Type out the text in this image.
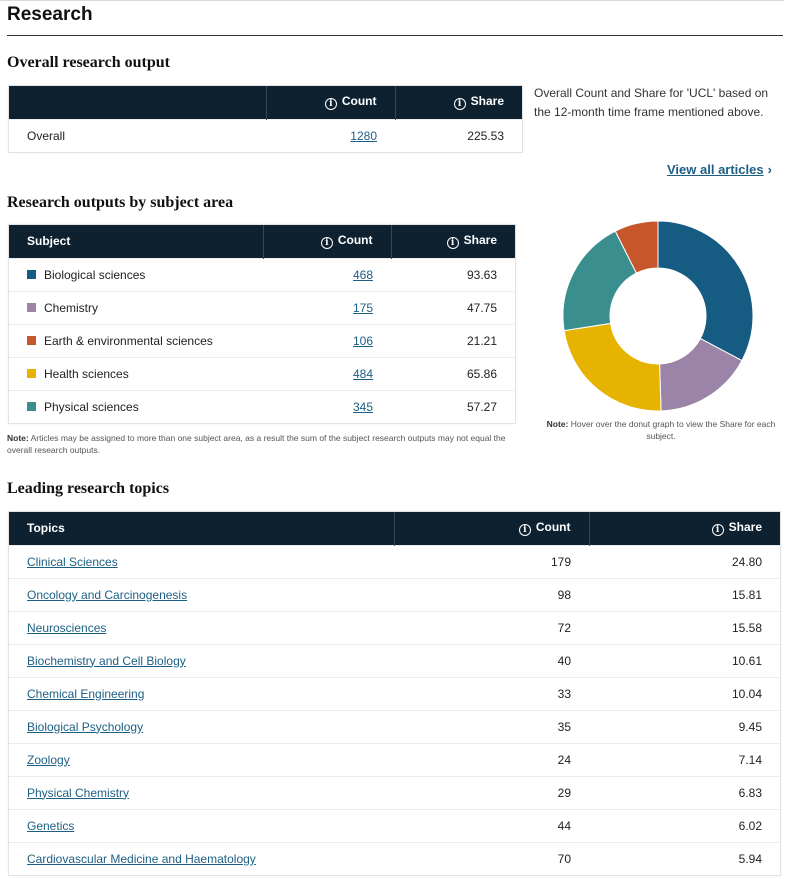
Research
Overall research output
	i Count	i Share
Overall	1280	225.53

Overall Count and Share for 'UCL' based on the 12-month time frame mentioned above.

View all articles ›
Research outputs by subject area
Subject	i Count	i Share
Biological sciences	468	93.63
Chemistry	175	47.75
Earth & environmental sciences	106	21.21
Health sciences	484	65.86
Physical sciences	345	57.27

Note: Articles may be assigned to more than one subject area, as a result the sum of the subject research outputs may not equal the overall research outputs.

Note: Hover over the donut graph to view the Share for each subject.

Leading research topics
Topics	i Count	i Share
Clinical Sciences	179	24.80
Oncology and Carcinogenesis	98	15.81
Neurosciences	72	15.58
Biochemistry and Cell Biology	40	10.61
Chemical Engineering	33	10.04
Biological Psychology	35	9.45
Zoology	24	7.14
Physical Chemistry	29	6.83
Genetics	44	6.02
Cardiovascular Medicine and Haematology	70	5.94
